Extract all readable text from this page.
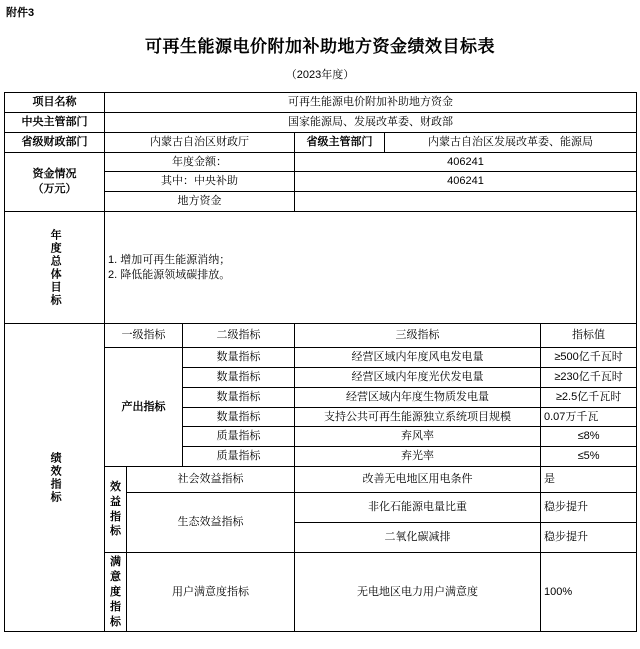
附件3
可再生能源电价附加补助地方资金绩效目标表
（2023年度）
项目名称	可再生能源电价附加补助地方资金					
中央主管部门	国家能源局、发展改革委、财政部					
省级财政部门	内蒙古自治区财政厅			省级主管部门	内蒙古自治区发展改革委、能源局	

资金情况
（万元）	年度金额：			406241		
	其中：中央补助			406241		
	地方资金					

年度总体目标	1. 增加可再生能源消纳；
2. 降低能源领域碳排放。					

绩效指标	一级指标		二级指标	三级指标		指标值
	产出指标		数量指标	经营区域内年度风电发电量		≥500亿千瓦时
			数量指标	经营区域内年度光伏发电量		≥230亿千瓦时
			数量指标	经营区域内年度生物质发电量		≥2.5亿千瓦时
			数量指标	支持公共可再生能源独立系统项目规模		0.07万千瓦
			质量指标	弃风率		≤8%
			质量指标	弃光率		≤5%
	效益指标	社会效益指标		改善无电地区用电条件		是
		生态效益指标		非化石能源电量比重		稳步提升
				二氧化碳减排		稳步提升
	满意度指标	用户满意度指标		无电地区电力用户满意度		100%
